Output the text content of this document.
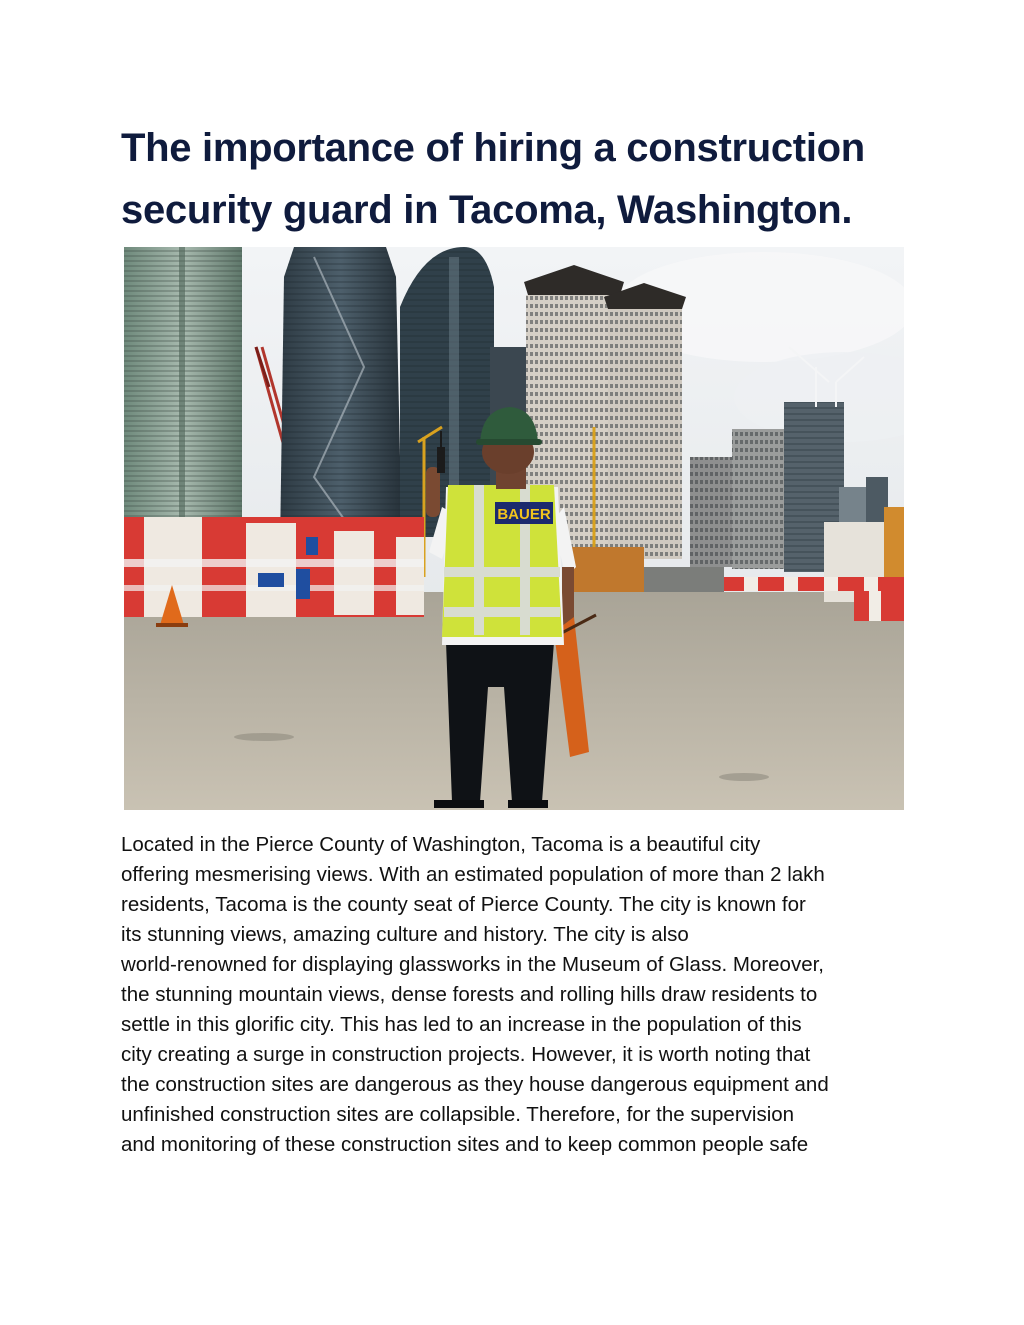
The importance of hiring a construction
security guard in Tacoma, Washington.
BAUER
Located in the Pierce County of Washington, Tacoma is a beautiful city
offering mesmerising views. With an estimated population of more than 2 lakh
residents, Tacoma is the county seat of Pierce County. The city is known for
its stunning views, amazing culture and history. The city is also
world-renowned for displaying glassworks in the Museum of Glass. Moreover,
the stunning mountain views, dense forests and rolling hills draw residents to
settle in this glorific city. This has led to an increase in the population of this
city creating a surge in construction projects. However, it is worth noting that
the construction sites are dangerous as they house dangerous equipment and
unfinished construction sites are collapsible. Therefore, for the supervision
and monitoring of these construction sites and to keep common people safe
